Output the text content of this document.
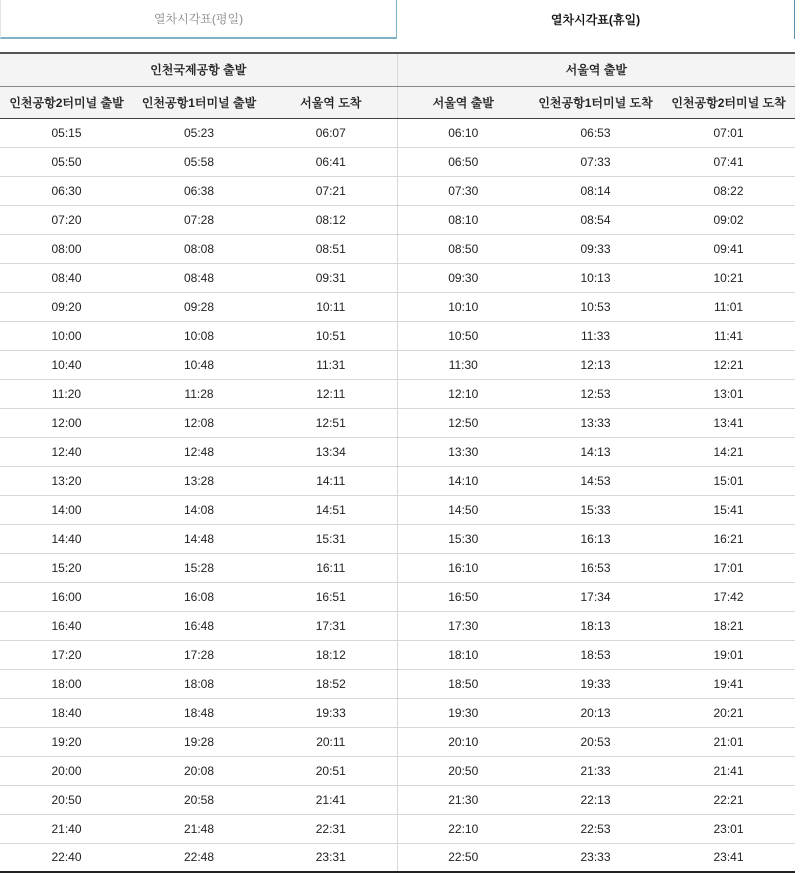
열차시각표(평일)	열차시각표(휴일)
인천국제공항 출발			서울역 출발		
인천공항2터미널 출발	인천공항1터미널 출발	서울역 도착	서울역 출발	인천공항1터미널 도착	인천공항2터미널 도착
05:15	05:23	06:07	06:10	06:53	07:01
05:50	05:58	06:41	06:50	07:33	07:41
06:30	06:38	07:21	07:30	08:14	08:22
07:20	07:28	08:12	08:10	08:54	09:02
08:00	08:08	08:51	08:50	09:33	09:41
08:40	08:48	09:31	09:30	10:13	10:21
09:20	09:28	10:11	10:10	10:53	11:01
10:00	10:08	10:51	10:50	11:33	11:41
10:40	10:48	11:31	11:30	12:13	12:21
11:20	11:28	12:11	12:10	12:53	13:01
12:00	12:08	12:51	12:50	13:33	13:41
12:40	12:48	13:34	13:30	14:13	14:21
13:20	13:28	14:11	14:10	14:53	15:01
14:00	14:08	14:51	14:50	15:33	15:41
14:40	14:48	15:31	15:30	16:13	16:21
15:20	15:28	16:11	16:10	16:53	17:01
16:00	16:08	16:51	16:50	17:34	17:42
16:40	16:48	17:31	17:30	18:13	18:21
17:20	17:28	18:12	18:10	18:53	19:01
18:00	18:08	18:52	18:50	19:33	19:41
18:40	18:48	19:33	19:30	20:13	20:21
19:20	19:28	20:11	20:10	20:53	21:01
20:00	20:08	20:51	20:50	21:33	21:41
20:50	20:58	21:41	21:30	22:13	22:21
21:40	21:48	22:31	22:10	22:53	23:01
22:40	22:48	23:31	22:50	23:33	23:41
